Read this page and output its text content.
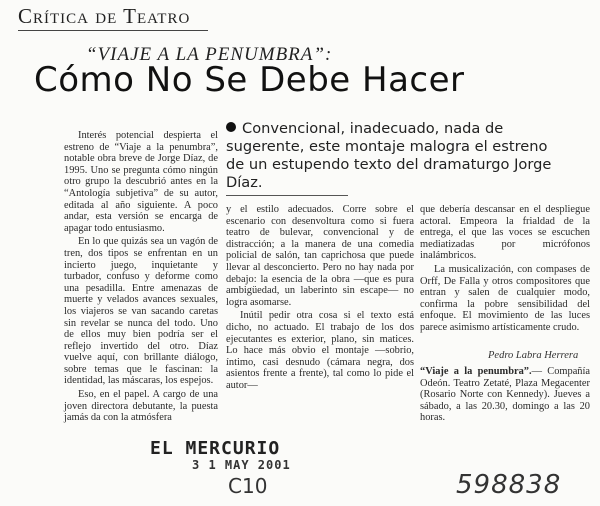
Crítica de Teatro
“VIAJE A LA PENUMBRA”:
Cómo No Se Debe Hacer

Interés potencial despierta el estreno de “Viaje a la penumbra”, notable obra breve de Jorge Díaz, de 1995. Uno se pregunta cómo ningún otro grupo la descubrió antes en la “Antología subjetiva” de su autor, editada al año siguiente. A poco andar, esta versión se encarga de apagar todo entusiasmo.

En lo que quizás sea un vagón de tren, dos tipos se enfrentan en un incierto juego, inquietante y turbador, confuso y deforme como una pesadilla. Entre amenazas de muerte y velados avances sexuales, los viajeros se van sacando caretas sin revelar se nunca del todo. Uno de ellos muy bien podría ser el reflejo invertido del otro. Díaz vuelve aquí, con brillante diálogo, sobre temas que le fascinan: la identidad, las máscaras, los espejos.

Eso, en el papel. A cargo de una joven directora debutante, la puesta jamás da con la atmósfera

Convencional, inadecuado, nada de sugerente, este montaje malogra el estreno de un estupendo texto del dramaturgo Jorge Díaz.

y el estilo adecuados. Corre sobre el escenario con desenvoltura como si fuera teatro de bulevar, convencional y de distracción; a la manera de una comedia policial de salón, tan caprichosa que puede llevar al desconcierto. Pero no hay nada por debajo: la esencia de la obra —que es pura ambigüedad, un laberinto sin escape— no logra asomarse.

Inútil pedir otra cosa si el texto está dicho, no actuado. El trabajo de los dos ejecutantes es exterior, plano, sin matices. Lo hace más obvio el montaje —sobrio, íntimo, casi desnudo (cámara negra, dos asientos frente a frente), tal como lo pide el autor—

que debería descansar en el despliegue actoral. Empeora la frialdad de la entrega, el que las voces se escuchen mediatizadas por micrófonos inalámbricos.

La musicalización, con compases de Orff, De Falla y otros compositores que entran y salen de cualquier modo, confirma la pobre sensibilidad del enfoque. El movimiento de las luces parece asimismo artísticamente crudo.

Pedro Labra Herrera
“Viaje a la penumbra”.— Compañía Odeón. Teatro Zetaté, Plaza Megacenter (Rosario Norte con Kennedy). Jueves a sábado, a las 20.30, domingo a las 20 horas.
EL MERCURIO
3 1 MAY 2001
C10	598838
